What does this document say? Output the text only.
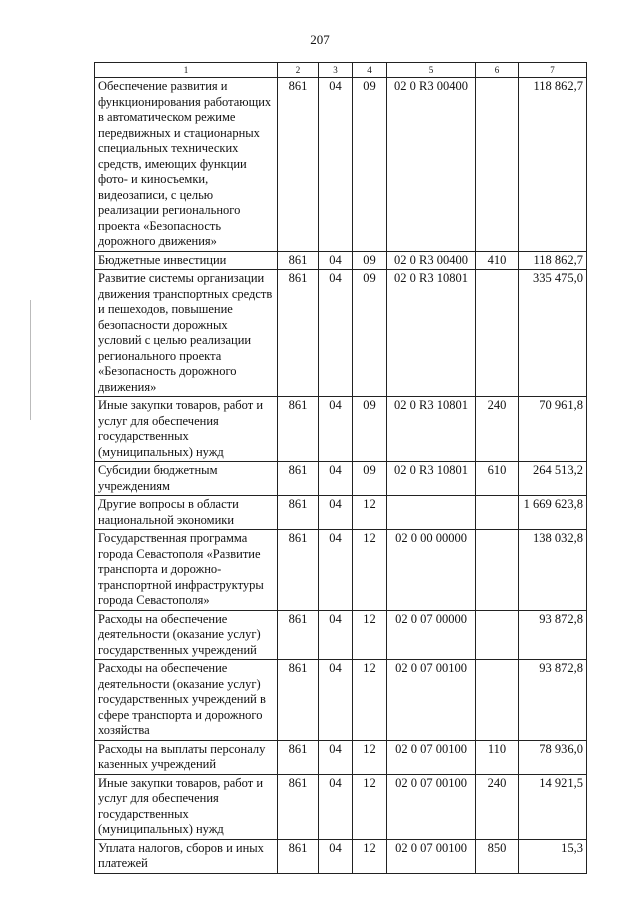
207
1	2	3	4	5	6	7
Обеспечение развития и функционирования работающих в автоматическом режиме передвижных и стационарных специальных технических средств, имеющих функции фото- и киносъемки, видеозаписи, с целью реализации регионального проекта «Безопасность дорожного движения»	861	04	09	02 0 R3 00400		118 862,7
Бюджетные инвестиции	861	04	09	02 0 R3 00400	410	118 862,7
Развитие системы организации движения транспортных средств и пешеходов, повышение безопасности дорожных условий с целью реализации регионального проекта «Безопасность дорожного движения»	861	04	09	02 0 R3 10801		335 475,0
Иные закупки товаров, работ и услуг для обеспечения государственных (муниципальных) нужд	861	04	09	02 0 R3 10801	240	70 961,8
Субсидии бюджетным учреждениям	861	04	09	02 0 R3 10801	610	264 513,2
Другие вопросы в области национальной экономики	861	04	12			1 669 623,8
Государственная программа города Севастополя «Развитие транспорта и дорожно-транспортной инфраструктуры города Севастополя»	861	04	12	02 0 00 00000		138 032,8
Расходы на обеспечение деятельности (оказание услуг) государственных учреждений	861	04	12	02 0 07 00000		93 872,8
Расходы на обеспечение деятельности (оказание услуг) государственных учреждений в сфере транспорта и дорожного хозяйства	861	04	12	02 0 07 00100		93 872,8
Расходы на выплаты персоналу казенных учреждений	861	04	12	02 0 07 00100	110	78 936,0
Иные закупки товаров, работ и услуг для обеспечения государственных (муниципальных) нужд	861	04	12	02 0 07 00100	240	14 921,5
Уплата налогов, сборов и иных платежей	861	04	12	02 0 07 00100	850	15,3
